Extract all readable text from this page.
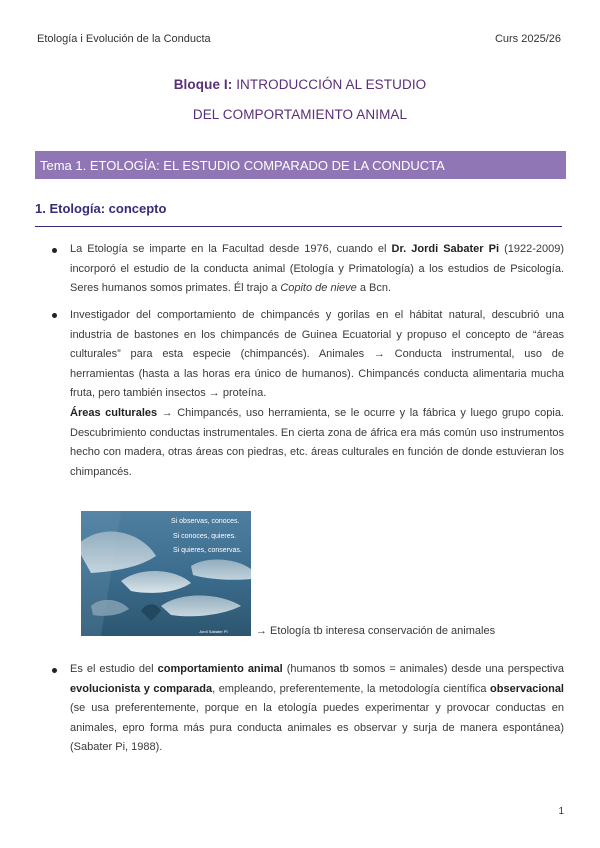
Etología i Evolución de la Conducta	Curs 2025/26
Bloque I: INTRODUCCIÓN AL ESTUDIO
DEL COMPORTAMIENTO ANIMAL
Tema 1. ETOLOGÍA: EL ESTUDIO COMPARADO DE LA CONDUCTA
1. Etología: concepto
La Etología se imparte en la Facultad desde 1976, cuando el Dr. Jordi Sabater Pi (1922-2009) incorporó el estudio de la conducta animal (Etología y Primatología) a los estudios de Psicología. Seres humanos somos primates. Él trajo a Copito de nieve a Bcn.

Investigador del comportamiento de chimpancés y gorilas en el hábitat natural, descubrió una industria de bastones en los chimpancés de Guinea Ecuatorial y propuso el concepto de “áreas culturales” para esta especie (chimpancés). Animales → Conducta instrumental, uso de herramientas (hasta a las horas era único de humanos). Chimpancés conducta alimentaria mucha fruta, pero también insectos → proteína.

Áreas culturales → Chimpancés, uso herramienta, se le ocurre y la fábrica y luego grupo copia. Descubrimiento conductas instrumentales. En cierta zona de áfrica era más común uso instrumentos hecho con madera, otras áreas con piedras, etc. áreas culturales en función de donde estuvieran los chimpancés.

Si observas, conoces.
Si conoces, quieres.
Si quieres, conservas.
Jordi Sabater Pi	→ Etología tb interesa conservación de animales
Es el estudio del comportamiento animal (humanos tb somos = animales) desde una perspectiva evolucionista y comparada, empleando, preferentemente, la metodología científica observacional (se usa preferentemente, porque en la etología puedes experimentar y provocar conductas en animales, epro forma más pura conducta animales es observar y surja de manera espontánea)(Sabater Pi, 1988).
1
